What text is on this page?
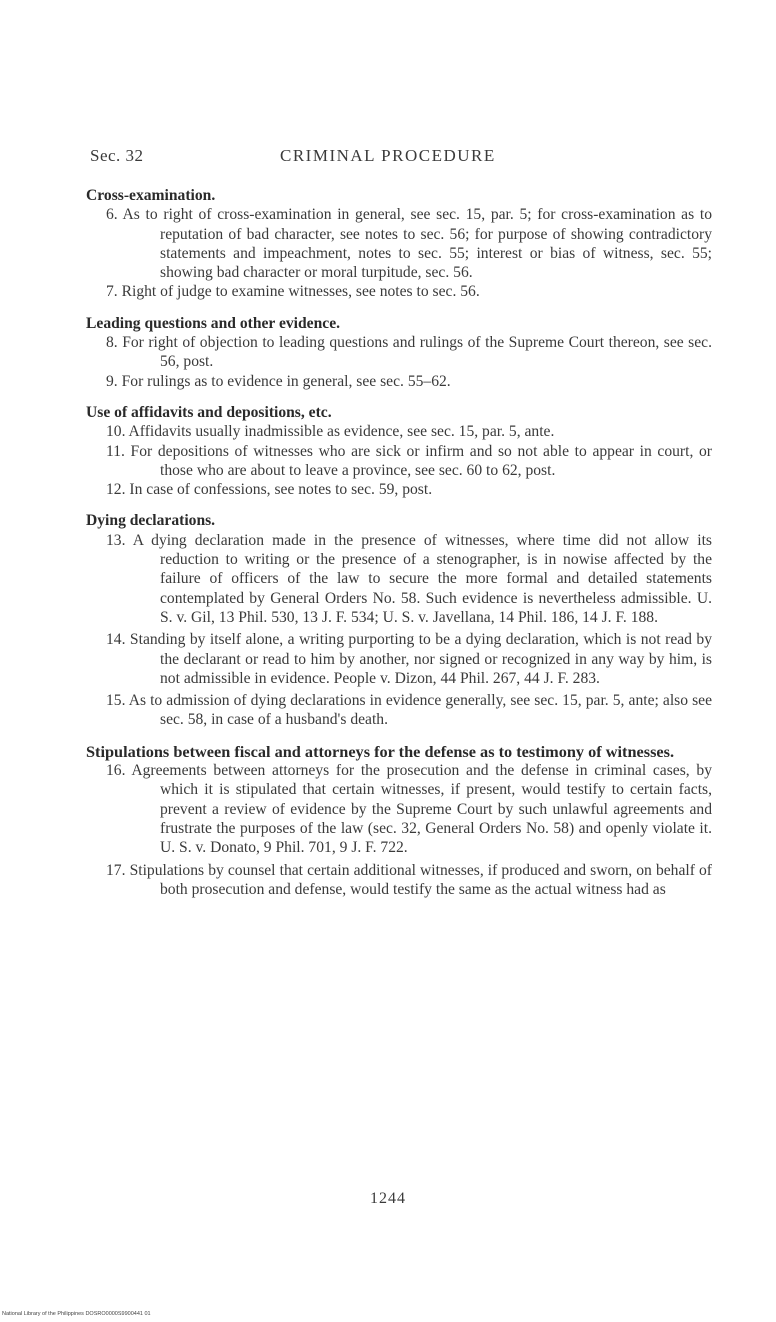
Sec. 32	CRIMINAL PROCEDURE
Cross-examination.
6. As to right of cross-examination in general, see sec. 15, par. 5; for cross-examination as to reputation of bad character, see notes to sec. 56; for purpose of showing contradictory statements and impeachment, notes to sec. 55; interest or bias of witness, sec. 55; showing bad character or moral turpitude, sec. 56.
7. Right of judge to examine witnesses, see notes to sec. 56.
Leading questions and other evidence.
8. For right of objection to leading questions and rulings of the Supreme Court thereon, see sec. 56, post.
9. For rulings as to evidence in general, see sec. 55–62.
Use of affidavits and depositions, etc.
10. Affidavits usually inadmissible as evidence, see sec. 15, par. 5, ante.
11. For depositions of witnesses who are sick or infirm and so not able to appear in court, or those who are about to leave a province, see sec. 60 to 62, post.
12. In case of confessions, see notes to sec. 59, post.
Dying declarations.
13. A dying declaration made in the presence of witnesses, where time did not allow its reduction to writing or the presence of a stenographer, is in nowise affected by the failure of officers of the law to secure the more formal and detailed statements contemplated by General Orders No. 58. Such evidence is nevertheless admissible. U. S. v. Gil, 13 Phil. 530, 13 J. F. 534; U. S. v. Javellana, 14 Phil. 186, 14 J. F. 188.
14. Standing by itself alone, a writing purporting to be a dying declaration, which is not read by the declarant or read to him by another, nor signed or recognized in any way by him, is not admissible in evidence. People v. Dizon, 44 Phil. 267, 44 J. F. 283.
15. As to admission of dying declarations in evidence generally, see sec. 15, par. 5, ante; also see sec. 58, in case of a husband's death.
Stipulations between fiscal and attorneys for the defense as to testimony of witnesses.
16. Agreements between attorneys for the prosecution and the defense in criminal cases, by which it is stipulated that certain witnesses, if present, would testify to certain facts, prevent a review of evidence by the Supreme Court by such unlawful agreements and frustrate the purposes of the law (sec. 32, General Orders No. 58) and openly violate it. U. S. v. Donato, 9 Phil. 701, 9 J. F. 722.
17. Stipulations by counsel that certain additional witnesses, if produced and sworn, on behalf of both prosecution and defense, would testify the same as the actual witness had as
1244
National Library of the Philippines DOSRO0000S9900441 01
